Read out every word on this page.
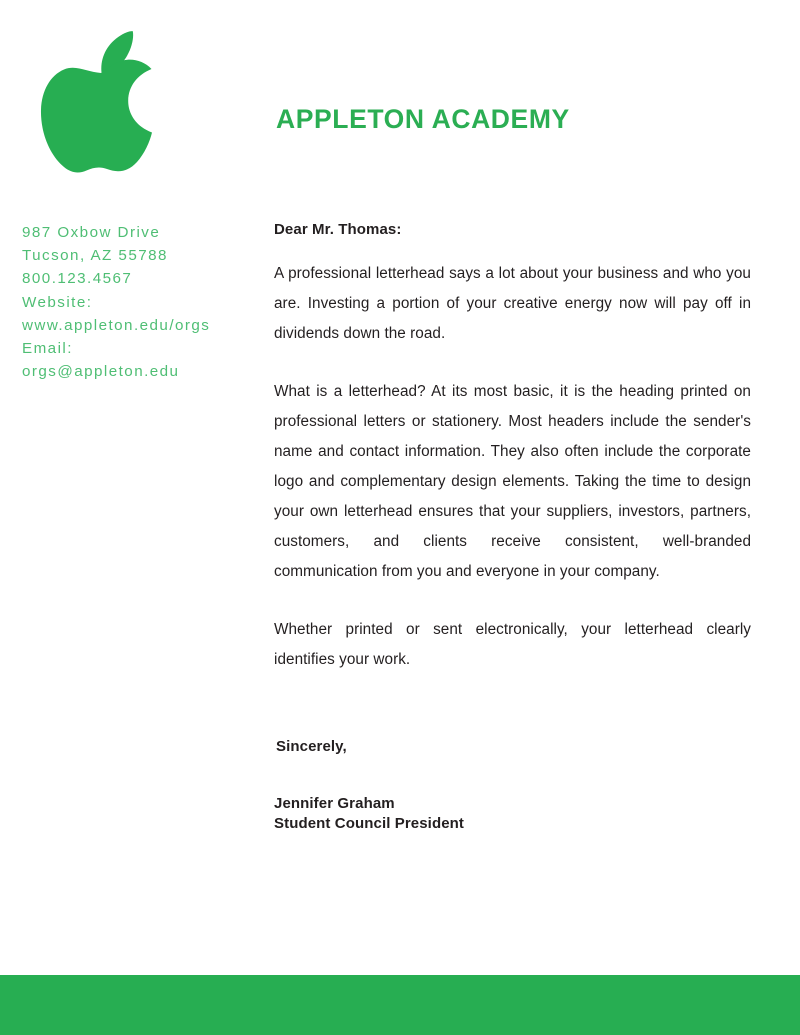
APPLETON ACADEMY
987 Oxbow Drive
Tucson, AZ 55788
800.123.4567
Website:
www.appleton.edu/orgs
Email:
orgs@appleton.edu

Dear Mr. Thomas:

A professional letterhead says a lot about your business and who you are. Investing a portion of your creative energy now will pay off in dividends down the road.

What is a letterhead? At its most basic, it is the heading printed on professional letters or stationery. Most headers include the sender's name and contact information. They also often include the corporate logo and complementary design elements. Taking the time to design your own letterhead ensures that your suppliers, investors, partners, customers, and clients receive consistent, well-branded communication from you and everyone in your company.

Whether printed or sent electronically, your letterhead clearly identifies your work.

Sincerely,
Jennifer Graham
Student Council President
